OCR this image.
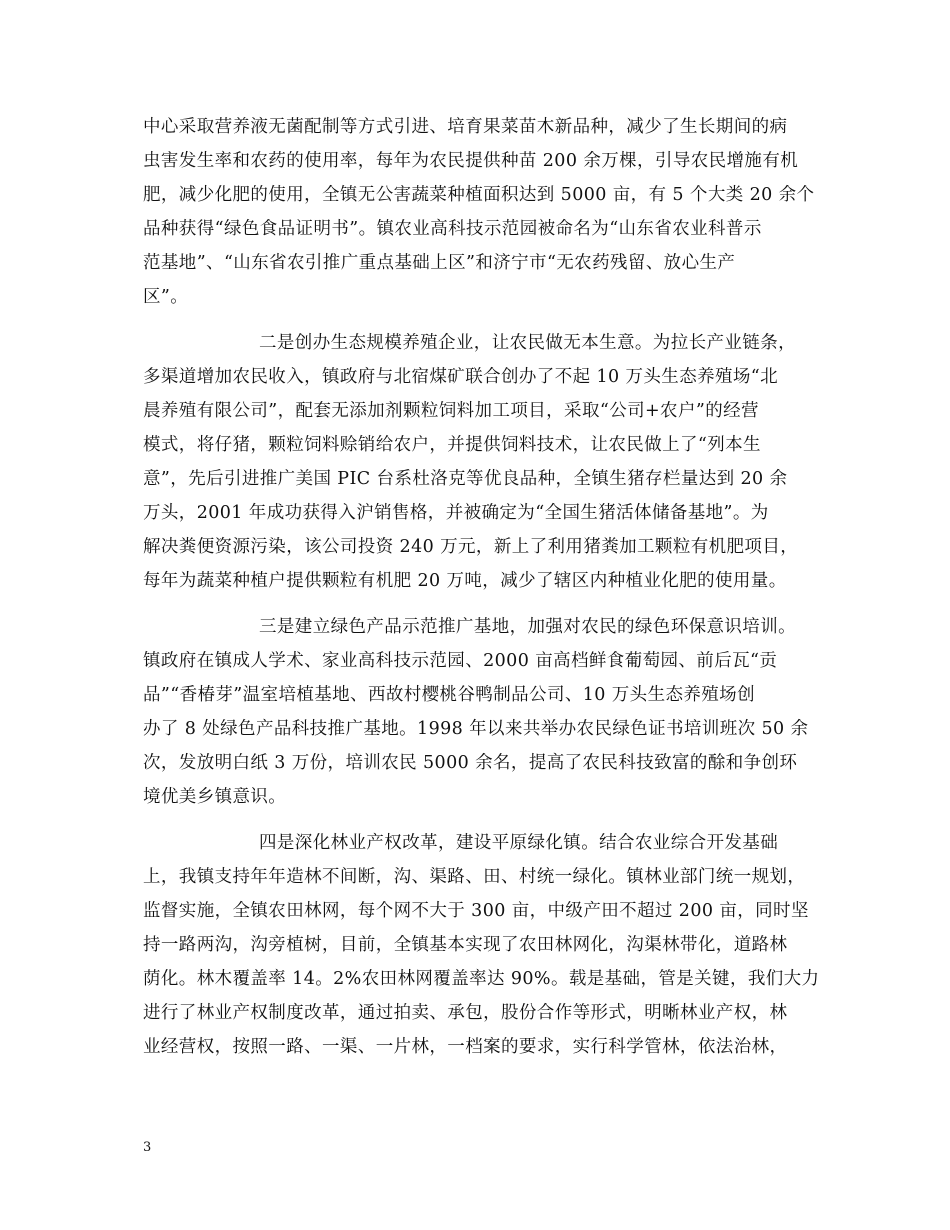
中心采取营养液无菌配制等方式引进、培育果菜苗木新品种，减少了生长期间的病
虫害发生率和农药的使用率，每年为农民提供种苗 200 余万棵，引导农民增施有机
肥，减少化肥的使用，全镇无公害蔬菜种植面积达到 5000 亩，有 5 个大类 20 余个
品种获得“绿色食品证明书”。镇农业高科技示范园被命名为“山东省农业科普示
范基地”、“山东省农引推广重点基础上区”和济宁市“无农药残留、放心生产
区”。
二是创办生态规模养殖企业，让农民做无本生意。为拉长产业链条，
多渠道增加农民收入，镇政府与北宿煤矿联合创办了不起 10 万头生态养殖场“北
晨养殖有限公司”，配套无添加剂颗粒饲料加工项目，采取“公司+农户”的经营
模式，将仔猪，颗粒饲料赊销给农户，并提供饲料技术，让农民做上了“列本生
意”，先后引进推广美国 PIC 台系杜洛克等优良品种，全镇生猪存栏量达到 20 余
万头，2001 年成功获得入沪销售格，并被确定为“全国生猪活体储备基地”。为
解决粪便资源污染，该公司投资 240 万元，新上了利用猪粪加工颗粒有机肥项目，
每年为蔬菜种植户提供颗粒有机肥 20 万吨，减少了辖区内种植业化肥的使用量。
三是建立绿色产品示范推广基地，加强对农民的绿色环保意识培训。
镇政府在镇成人学术、家业高科技示范园、2000 亩高档鲜食葡萄园、前后瓦“贡
品”“香椿芽”温室培植基地、西故村樱桃谷鸭制品公司、10 万头生态养殖场创
办了 8 处绿色产品科技推广基地。1998 年以来共举办农民绿色证书培训班次 50 余
次，发放明白纸 3 万份，培训农民 5000 余名，提高了农民科技致富的酴和争创环
境优美乡镇意识。
四是深化林业产权改革，建设平原绿化镇。结合农业综合开发基础
上，我镇支持年年造林不间断，沟、渠路、田、村统一绿化。镇林业部门统一规划，
监督实施，全镇农田林网，每个网不大于 300 亩，中级产田不超过 200 亩，同时坚
持一路两沟，沟旁植树，目前，全镇基本实现了农田林网化，沟渠林带化，道路林
荫化。林木覆盖率 14。2%农田林网覆盖率达 90%。载是基础，管是关键，我们大力
进行了林业产权制度改革，通过拍卖、承包，股份合作等形式，明晰林业产权，林
业经营权，按照一路、一渠、一片林，一档案的要求，实行科学管林，依法治林，
3
